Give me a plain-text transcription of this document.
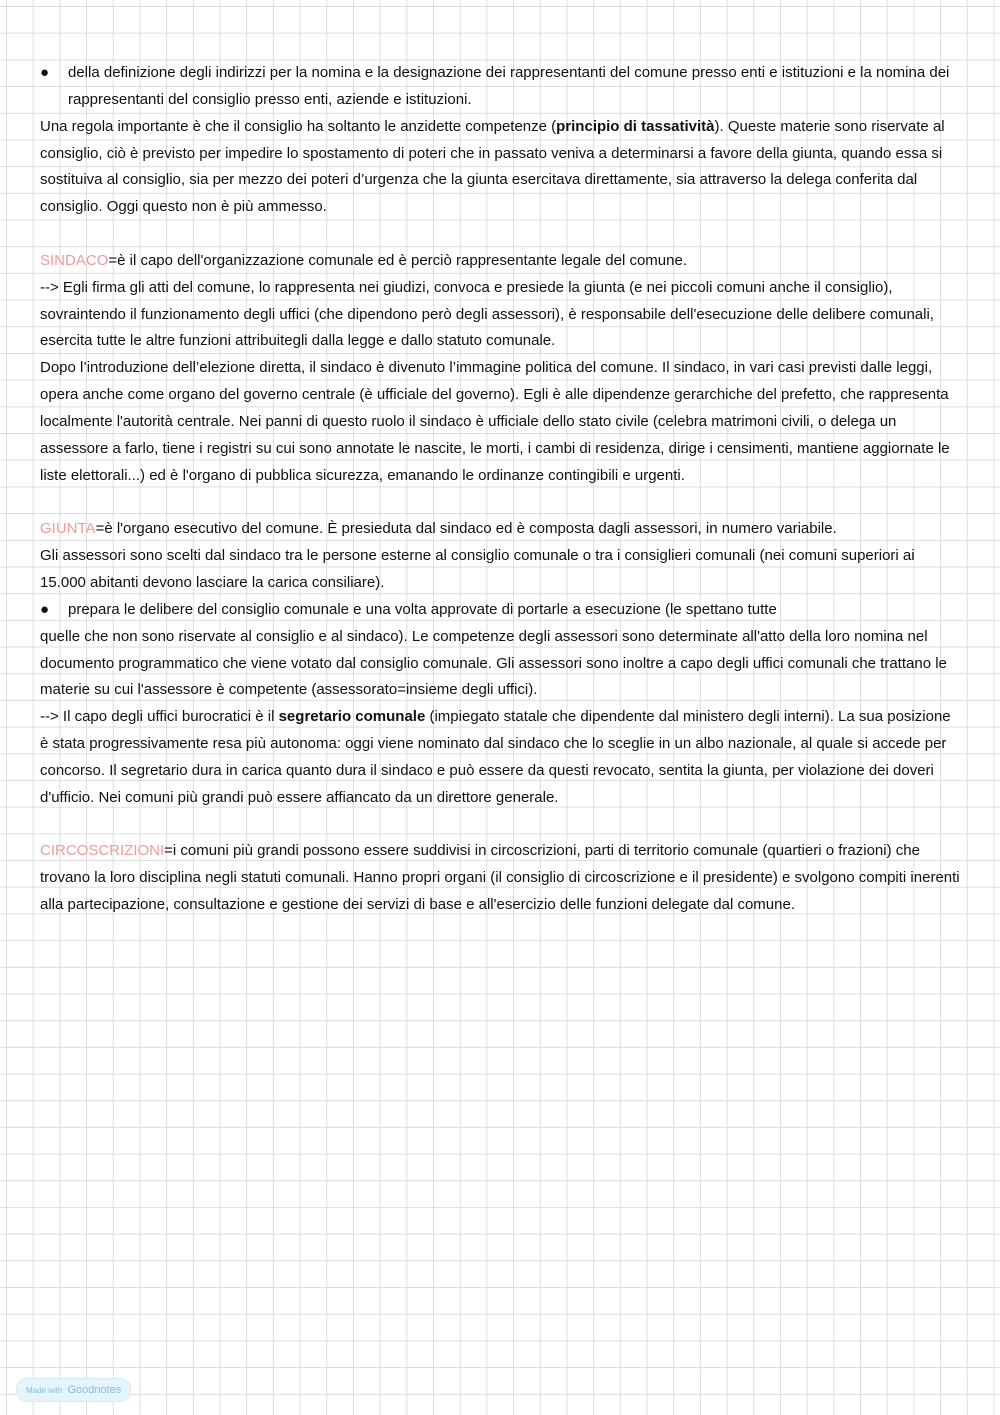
● della definizione degli indirizzi per la nomina e la designazione dei rappresentanti del comune presso enti e istituzioni e la nomina dei rappresentanti del consiglio presso enti, aziende e istituzioni.

Una regola importante è che il consiglio ha soltanto le anzidette competenze (principio di tassatività). Queste materie sono riservate al consiglio, ciò è previsto per impedire lo spostamento di poteri che in passato veniva a determinarsi a favore della giunta, quando essa si sostituiva al consiglio, sia per mezzo dei poteri d’urgenza che la giunta esercitava direttamente, sia attraverso la delega conferita dal consiglio. Oggi questo non è più ammesso.

SINDACO=è il capo dell'organizzazione comunale ed è perciò rappresentante legale del comune.

--> Egli firma gli atti del comune, lo rappresenta nei giudizi, convoca e presiede la giunta (e nei piccoli comuni anche il consiglio), sovraintendo il funzionamento degli uffici (che dipendono però degli assessori), è responsabile dell'esecuzione delle delibere comunali, esercita tutte le altre funzioni attribuitegli dalla legge e dallo statuto comunale.

Dopo l’introduzione dell’elezione diretta, il sindaco è divenuto l’immagine politica del comune. Il sindaco, in vari casi previsti dalle leggi, opera anche come organo del governo centrale (è ufficiale del governo). Egli è alle dipendenze gerarchiche del prefetto, che rappresenta localmente l'autorità centrale. Nei panni di questo ruolo il sindaco è ufficiale dello stato civile (celebra matrimoni civili, o delega un assessore a farlo, tiene i registri su cui sono annotate le nascite, le morti, i cambi di residenza, dirige i censimenti, mantiene aggiornate le liste elettorali...) ed è l'organo di pubblica sicurezza, emanando le ordinanze contingibili e urgenti.

GIUNTA=è l'organo esecutivo del comune. È presieduta dal sindaco ed è composta dagli assessori, in numero variabile.

Gli assessori sono scelti dal sindaco tra le persone esterne al consiglio comunale o tra i consiglieri comunali (nei comuni superiori ai 15.000 abitanti devono lasciare la carica consiliare).

● prepara le delibere del consiglio comunale e una volta approvate di portarle a esecuzione (le spettano tutte

quelle che non sono riservate al consiglio e al sindaco). Le competenze degli assessori sono determinate all'atto della loro nomina nel documento programmatico che viene votato dal consiglio comunale. Gli assessori sono inoltre a capo degli uffici comunali che trattano le materie su cui l'assessore è competente (assessorato=insieme degli uffici).

--> Il capo degli uffici burocratici è il segretario comunale (impiegato statale che dipendente dal ministero degli interni). La sua posizione è stata progressivamente resa più autonoma: oggi viene nominato dal sindaco che lo sceglie in un albo nazionale, al quale si accede per concorso. Il segretario dura in carica quanto dura il sindaco e può essere da questi revocato, sentita la giunta, per violazione dei doveri d'ufficio. Nei comuni più grandi può essere affiancato da un direttore generale.

CIRCOSCRIZIONI=i comuni più grandi possono essere suddivisi in circoscrizioni, parti di territorio comunale (quartieri o frazioni) che trovano la loro disciplina negli statuti comunali. Hanno propri organi (il consiglio di circoscrizione e il presidente) e svolgono compiti inerenti alla partecipazione, consultazione e gestione dei servizi di base e all'esercizio delle funzioni delegate dal comune.

Made with Goodnotes
